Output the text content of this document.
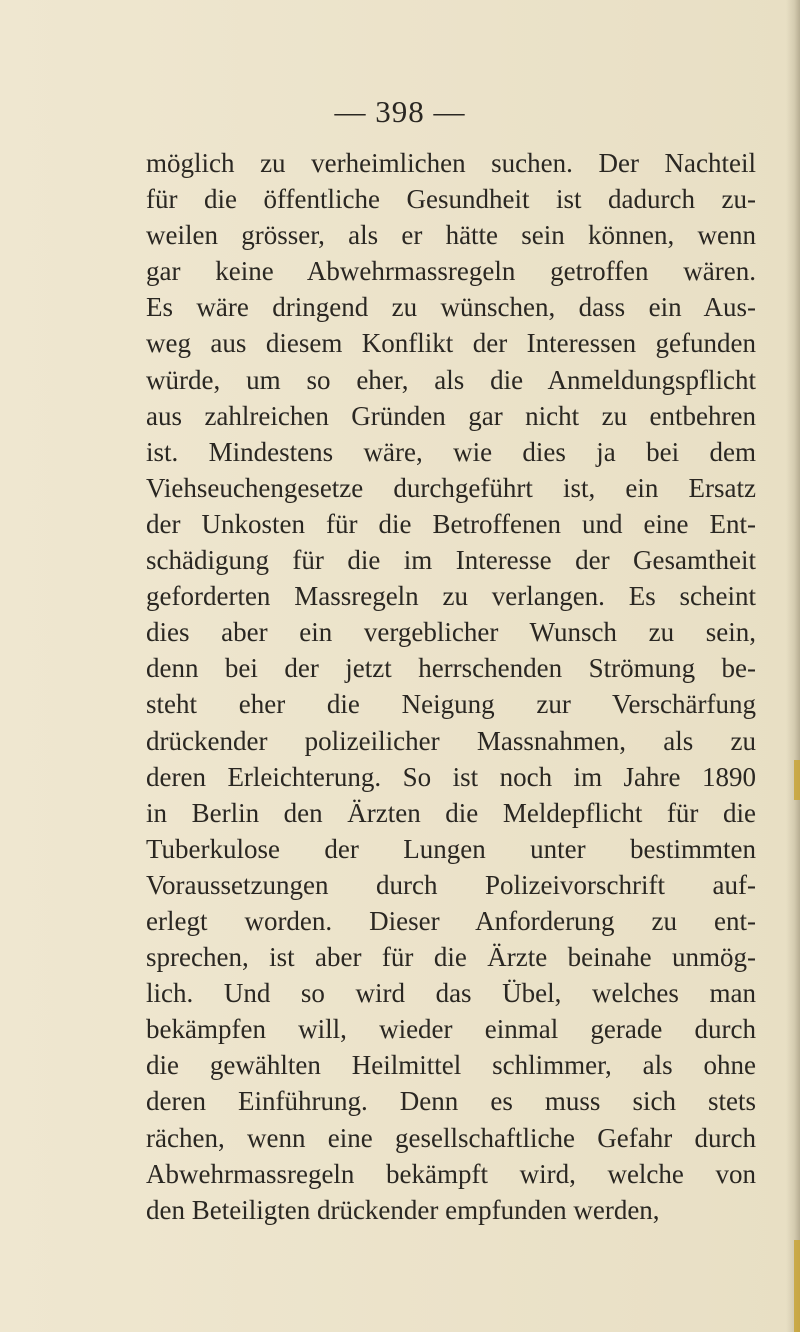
— 398 —
möglich zu verheimlichen suchen. Der Nachteil
für die öffentliche Gesundheit ist dadurch zu-
weilen grösser, als er hätte sein können, wenn
gar keine Abwehrmassregeln getroffen wären.
Es wäre dringend zu wünschen, dass ein Aus-
weg aus diesem Konflikt der Interessen gefunden
würde, um so eher, als die Anmeldungspflicht
aus zahlreichen Gründen gar nicht zu entbehren
ist. Mindestens wäre, wie dies ja bei dem
Viehseuchengesetze durchgeführt ist, ein Ersatz
der Unkosten für die Betroffenen und eine Ent-
schädigung für die im Interesse der Gesamtheit
geforderten Massregeln zu verlangen. Es scheint
dies aber ein vergeblicher Wunsch zu sein,
denn bei der jetzt herrschenden Strömung be-
steht eher die Neigung zur Verschärfung
drückender polizeilicher Massnahmen, als zu
deren Erleichterung. So ist noch im Jahre 1890
in Berlin den Ärzten die Meldepflicht für die
Tuberkulose der Lungen unter bestimmten
Voraussetzungen durch Polizeivorschrift auf-
erlegt worden. Dieser Anforderung zu ent-
sprechen, ist aber für die Ärzte beinahe unmög-
lich. Und so wird das Übel, welches man
bekämpfen will, wieder einmal gerade durch
die gewählten Heilmittel schlimmer, als ohne
deren Einführung. Denn es muss sich stets
rächen, wenn eine gesellschaftliche Gefahr durch
Abwehrmassregeln bekämpft wird, welche von
den Beteiligten drückender empfunden werden,
